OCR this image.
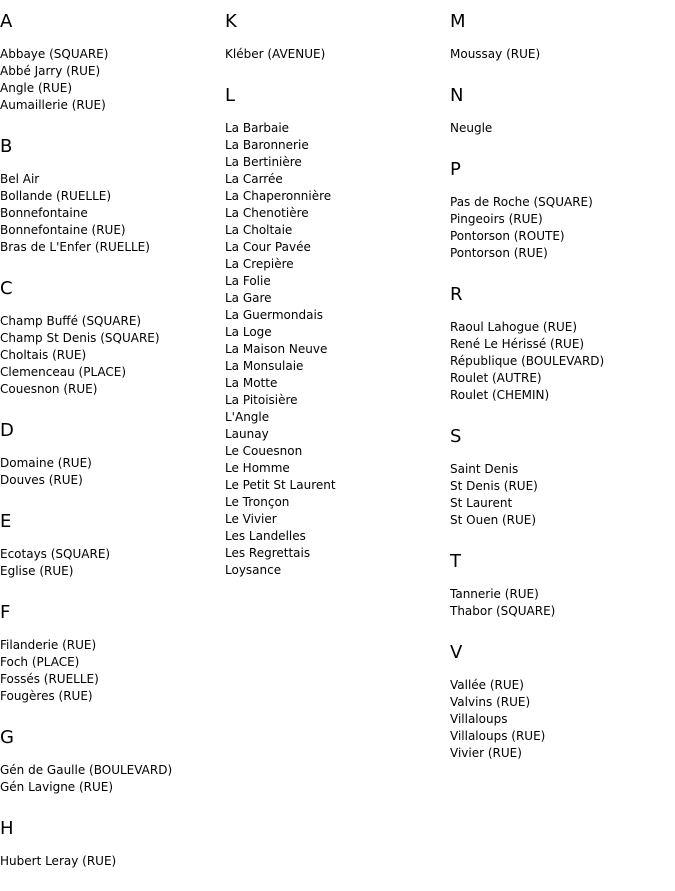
A
Abbaye (SQUARE)
Abbé Jarry (RUE)
Angle (RUE)
Aumaillerie (RUE)
B
Bel Air
Bollande (RUELLE)
Bonnefontaine
Bonnefontaine (RUE)
Bras de L'Enfer (RUELLE)
C
Champ Buffé (SQUARE)
Champ St Denis (SQUARE)
Choltais (RUE)
Clemenceau (PLACE)
Couesnon (RUE)
D
Domaine (RUE)
Douves (RUE)
E
Ecotays (SQUARE)
Eglise (RUE)
F
Filanderie (RUE)
Foch (PLACE)
Fossés (RUELLE)
Fougères (RUE)
G
Gén de Gaulle (BOULEVARD)
Gén Lavigne (RUE)
H
Hubert Leray (RUE)
K
Kléber (AVENUE)
L
La Barbaie
La Baronnerie
La Bertinière
La Carrée
La Chaperonnière
La Chenotière
La Choltaie
La Cour Pavée
La Crepière
La Folie
La Gare
La Guermondais
La Loge
La Maison Neuve
La Monsulaie
La Motte
La Pitoisière
L'Angle
Launay
Le Couesnon
Le Homme
Le Petit St Laurent
Le Tronçon
Le Vivier
Les Landelles
Les Regrettais
Loysance
M
Moussay (RUE)
N
Neugle
P
Pas de Roche (SQUARE)
Pingeoirs (RUE)
Pontorson (ROUTE)
Pontorson (RUE)
R
Raoul Lahogue (RUE)
René Le Hérissé (RUE)
République (BOULEVARD)
Roulet (AUTRE)
Roulet (CHEMIN)
S
Saint Denis
St Denis (RUE)
St Laurent
St Ouen (RUE)
T
Tannerie (RUE)
Thabor (SQUARE)
V
Vallée (RUE)
Valvins (RUE)
Villaloups
Villaloups (RUE)
Vivier (RUE)
